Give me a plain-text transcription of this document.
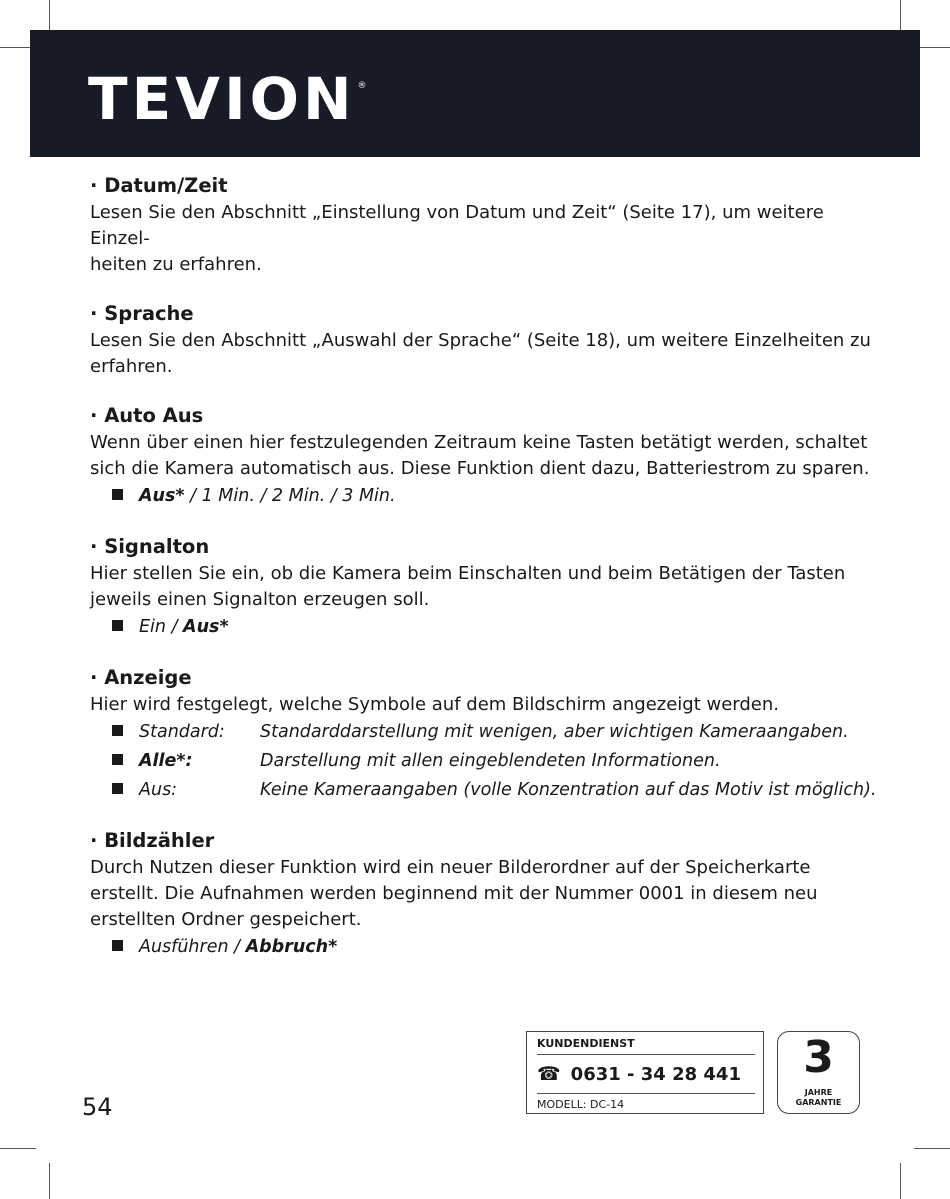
TEVION ®
· Datum/Zeit
Lesen Sie den Abschnitt „Einstellung von Datum und Zeit“ (Seite 17), um weitere Einzel-
heiten zu erfahren.
· Sprache
Lesen Sie den Abschnitt „Auswahl der Sprache“ (Seite 18), um weitere Einzelheiten zu
erfahren.
· Auto Aus
Wenn über einen hier festzulegenden Zeitraum keine Tasten betätigt werden, schaltet
sich die Kamera automatisch aus. Diese Funktion dient dazu, Batteriestrom zu sparen.
Aus* / 1 Min. / 2 Min. / 3 Min.
· Signalton
Hier stellen Sie ein, ob die Kamera beim Einschalten und beim Betätigen der Tasten
jeweils einen Signalton erzeugen soll.
Ein / Aus*
· Anzeige
Hier wird festgelegt, welche Symbole auf dem Bildschirm angezeigt werden.
Standard:	Standarddarstellung mit wenigen, aber wichtigen Kameraangaben.
Alle*:	Darstellung mit allen eingeblendeten Informationen.
Aus:	Keine Kameraangaben (volle Konzentration auf das Motiv ist möglich).
· Bildzähler
Durch Nutzen dieser Funktion wird ein neuer Bilderordner auf der Speicherkarte
erstellt. Die Aufnahmen werden beginnend mit der Nummer 0001 in diesem neu
erstellten Ordner gespeichert.
Ausführen / Abbruch*
54
KUNDENDIENST
☎ 0631 - 34 28 441
MODELL: DC-14
3
JAHRE
GARANTIE
